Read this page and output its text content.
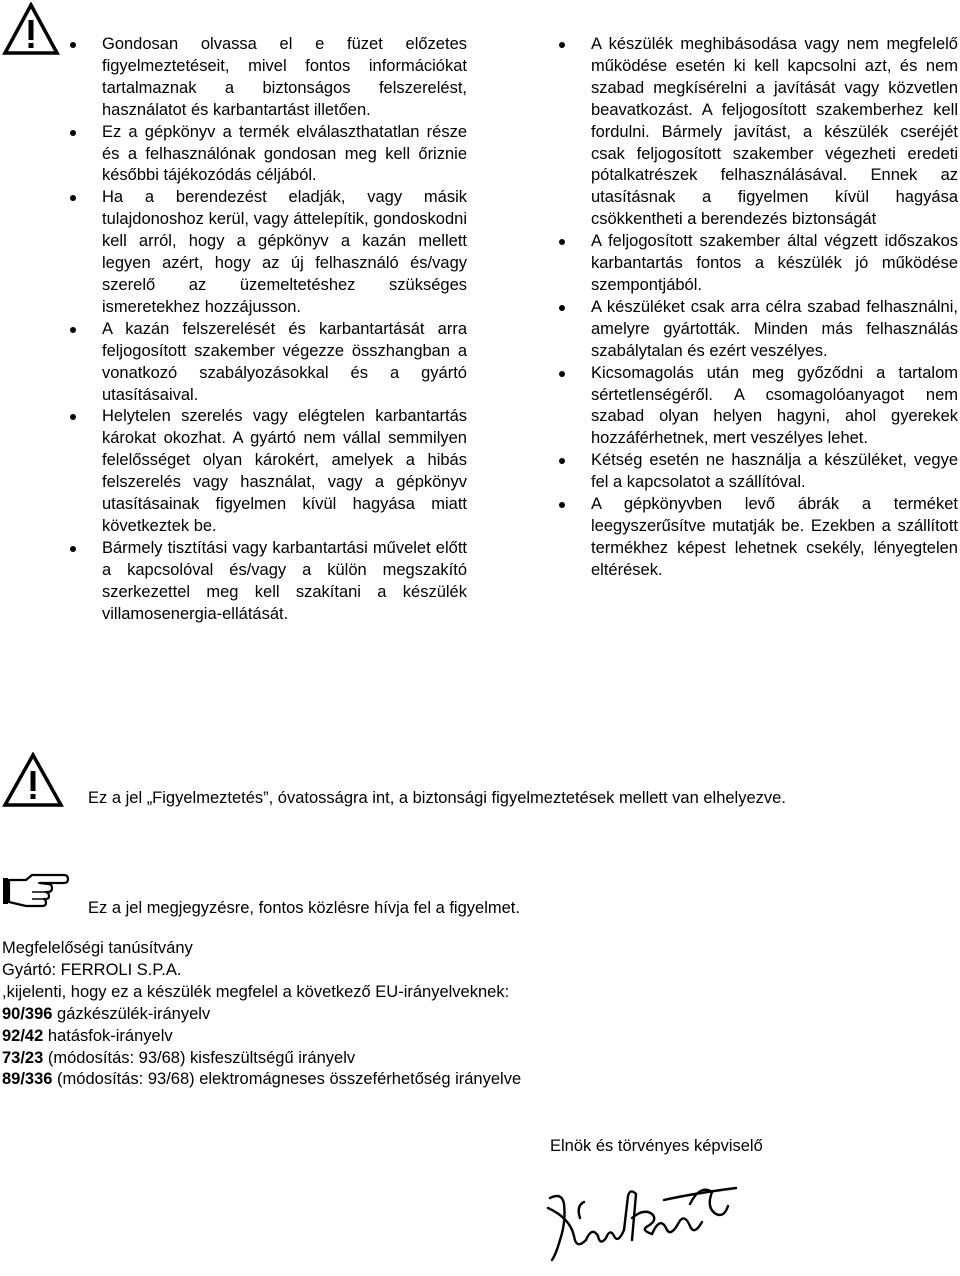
Gondosan olvassa el e füzet előzetes figyelmeztetéseit, mivel fontos információkat tartalmaznak a biztonságos felszerelést, használatot és karbantartást illetően.
Ez a gépkönyv a termék elválaszthatatlan része és a felhasználónak gondosan meg kell őriznie későbbi tájékozódás céljából.
Ha a berendezést eladják, vagy másik tulajdonoshoz kerül, vagy áttelepítik, gondoskodni kell arról, hogy a gépkönyv a kazán mellett legyen azért, hogy az új felhasználó és/vagy szerelő az üzemeltetéshez szükséges ismeretekhez hozzájusson.
A kazán felszerelését és karbantartását arra feljogosított szakember végezze összhangban a vonatkozó szabályozásokkal és a gyártó utasításaival.
Helytelen szerelés vagy elégtelen karbantartás károkat okozhat. A gyártó nem vállal semmilyen felelősséget olyan károkért, amelyek a hibás felszerelés vagy használat, vagy a gépkönyv utasításainak figyelmen kívül hagyása miatt következtek be.
Bármely tisztítási vagy karbantartási művelet előtt a kapcsolóval és/vagy a külön megszakító szerkezettel meg kell szakítani a készülék villamosenergia-ellátását.
A készülék meghibásodása vagy nem megfelelő működése esetén ki kell kapcsolni azt, és nem szabad megkísérelni a javítását vagy közvetlen beavatkozást. A feljogosított szakemberhez kell fordulni. Bármely javítást, a készülék cseréjét csak feljogosított szakember végezheti eredeti pótalkatrészek felhasználásával. Ennek az utasításnak a figyelmen kívül hagyása csökkentheti a berendezés biztonságát
A feljogosított szakember által végzett időszakos karbantartás fontos a készülék jó működése szempontjából.
A készüléket csak arra célra szabad felhasználni, amelyre gyártották. Minden más felhasználás szabálytalan és ezért veszélyes.
Kicsomagolás után meg győződni a tartalom sértetlenségéről. A csomagolóanyagot nem szabad olyan helyen hagyni, ahol gyerekek hozzáférhetnek, mert veszélyes lehet.
Kétség esetén ne használja a készüléket, vegye fel a kapcsolatot a szállítóval.
A gépkönyvben levő ábrák a terméket leegyszerűsítve mutatják be. Ezekben a szállított termékhez képest lehetnek csekély, lényegtelen eltérések.
Ez a jel „Figyelmeztetés”, óvatosságra int, a biztonsági figyelmeztetések mellett van elhelyezve.
Ez a jel megjegyzésre, fontos közlésre hívja fel a figyelmet.
Megfelelőségi tanúsítvány
Gyártó: FERROLI S.P.A.
,kijelenti, hogy ez a készülék megfelel a következő EU-irányelveknek:
90/396 gázkészülék-irányelv
92/42 hatásfok-irányelv
73/23 (módosítás: 93/68) kisfeszültségű irányelv
89/336 (módosítás: 93/68) elektromágneses összeférhetőség irányelve
Elnök és törvényes képviselő
